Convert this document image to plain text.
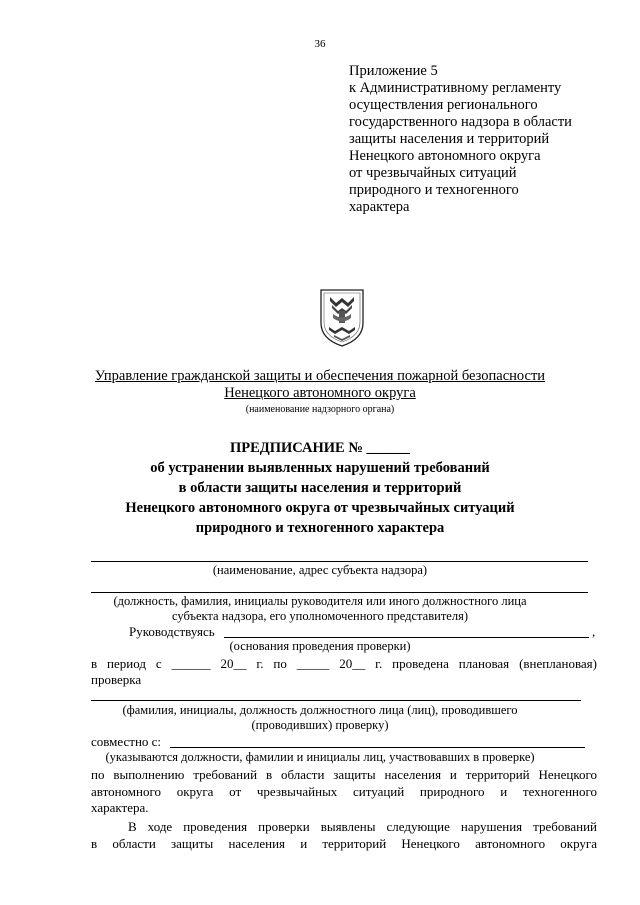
36
Приложение 5
к Административному регламенту
осуществления регионального
государственного надзора в области
защиты населения и территорий
Ненецкого автономного округа
от чрезвычайных ситуаций
природного и техногенного
характера
Управление гражданской защиты и обеспечения пожарной безопасности
Ненецкого автономного округа
(наименование надзорного органа)
ПРЕДПИСАНИЕ № ______
об устранении выявленных нарушений требований
в области защиты населения и территорий
Ненецкого автономного округа от чрезвычайных ситуаций
природного и техногенного характера
(наименование, адрес субъекта надзора)
(должность, фамилия, инициалы руководителя или иного должностного лица
субъекта надзора, его уполномоченного представителя)
Руководствуясь	,
(основания проведения проверки)
в период с ______ 20__ г. по _____ 20__ г. проведена плановая (внеплановая)
проверка
(фамилия, инициалы, должность должностного лица (лиц), проводившего
(проводивших) проверку)
совместно с:
(указываются должности, фамилии и инициалы лиц, участвовавших в проверке)
по выполнению требований в области защиты населения и территорий Ненецкого
автономного округа от чрезвычайных ситуаций природного и техногенного
характера.
В ходе проведения проверки выявлены следующие нарушения требований
в области защиты населения и территорий Ненецкого автономного округа
